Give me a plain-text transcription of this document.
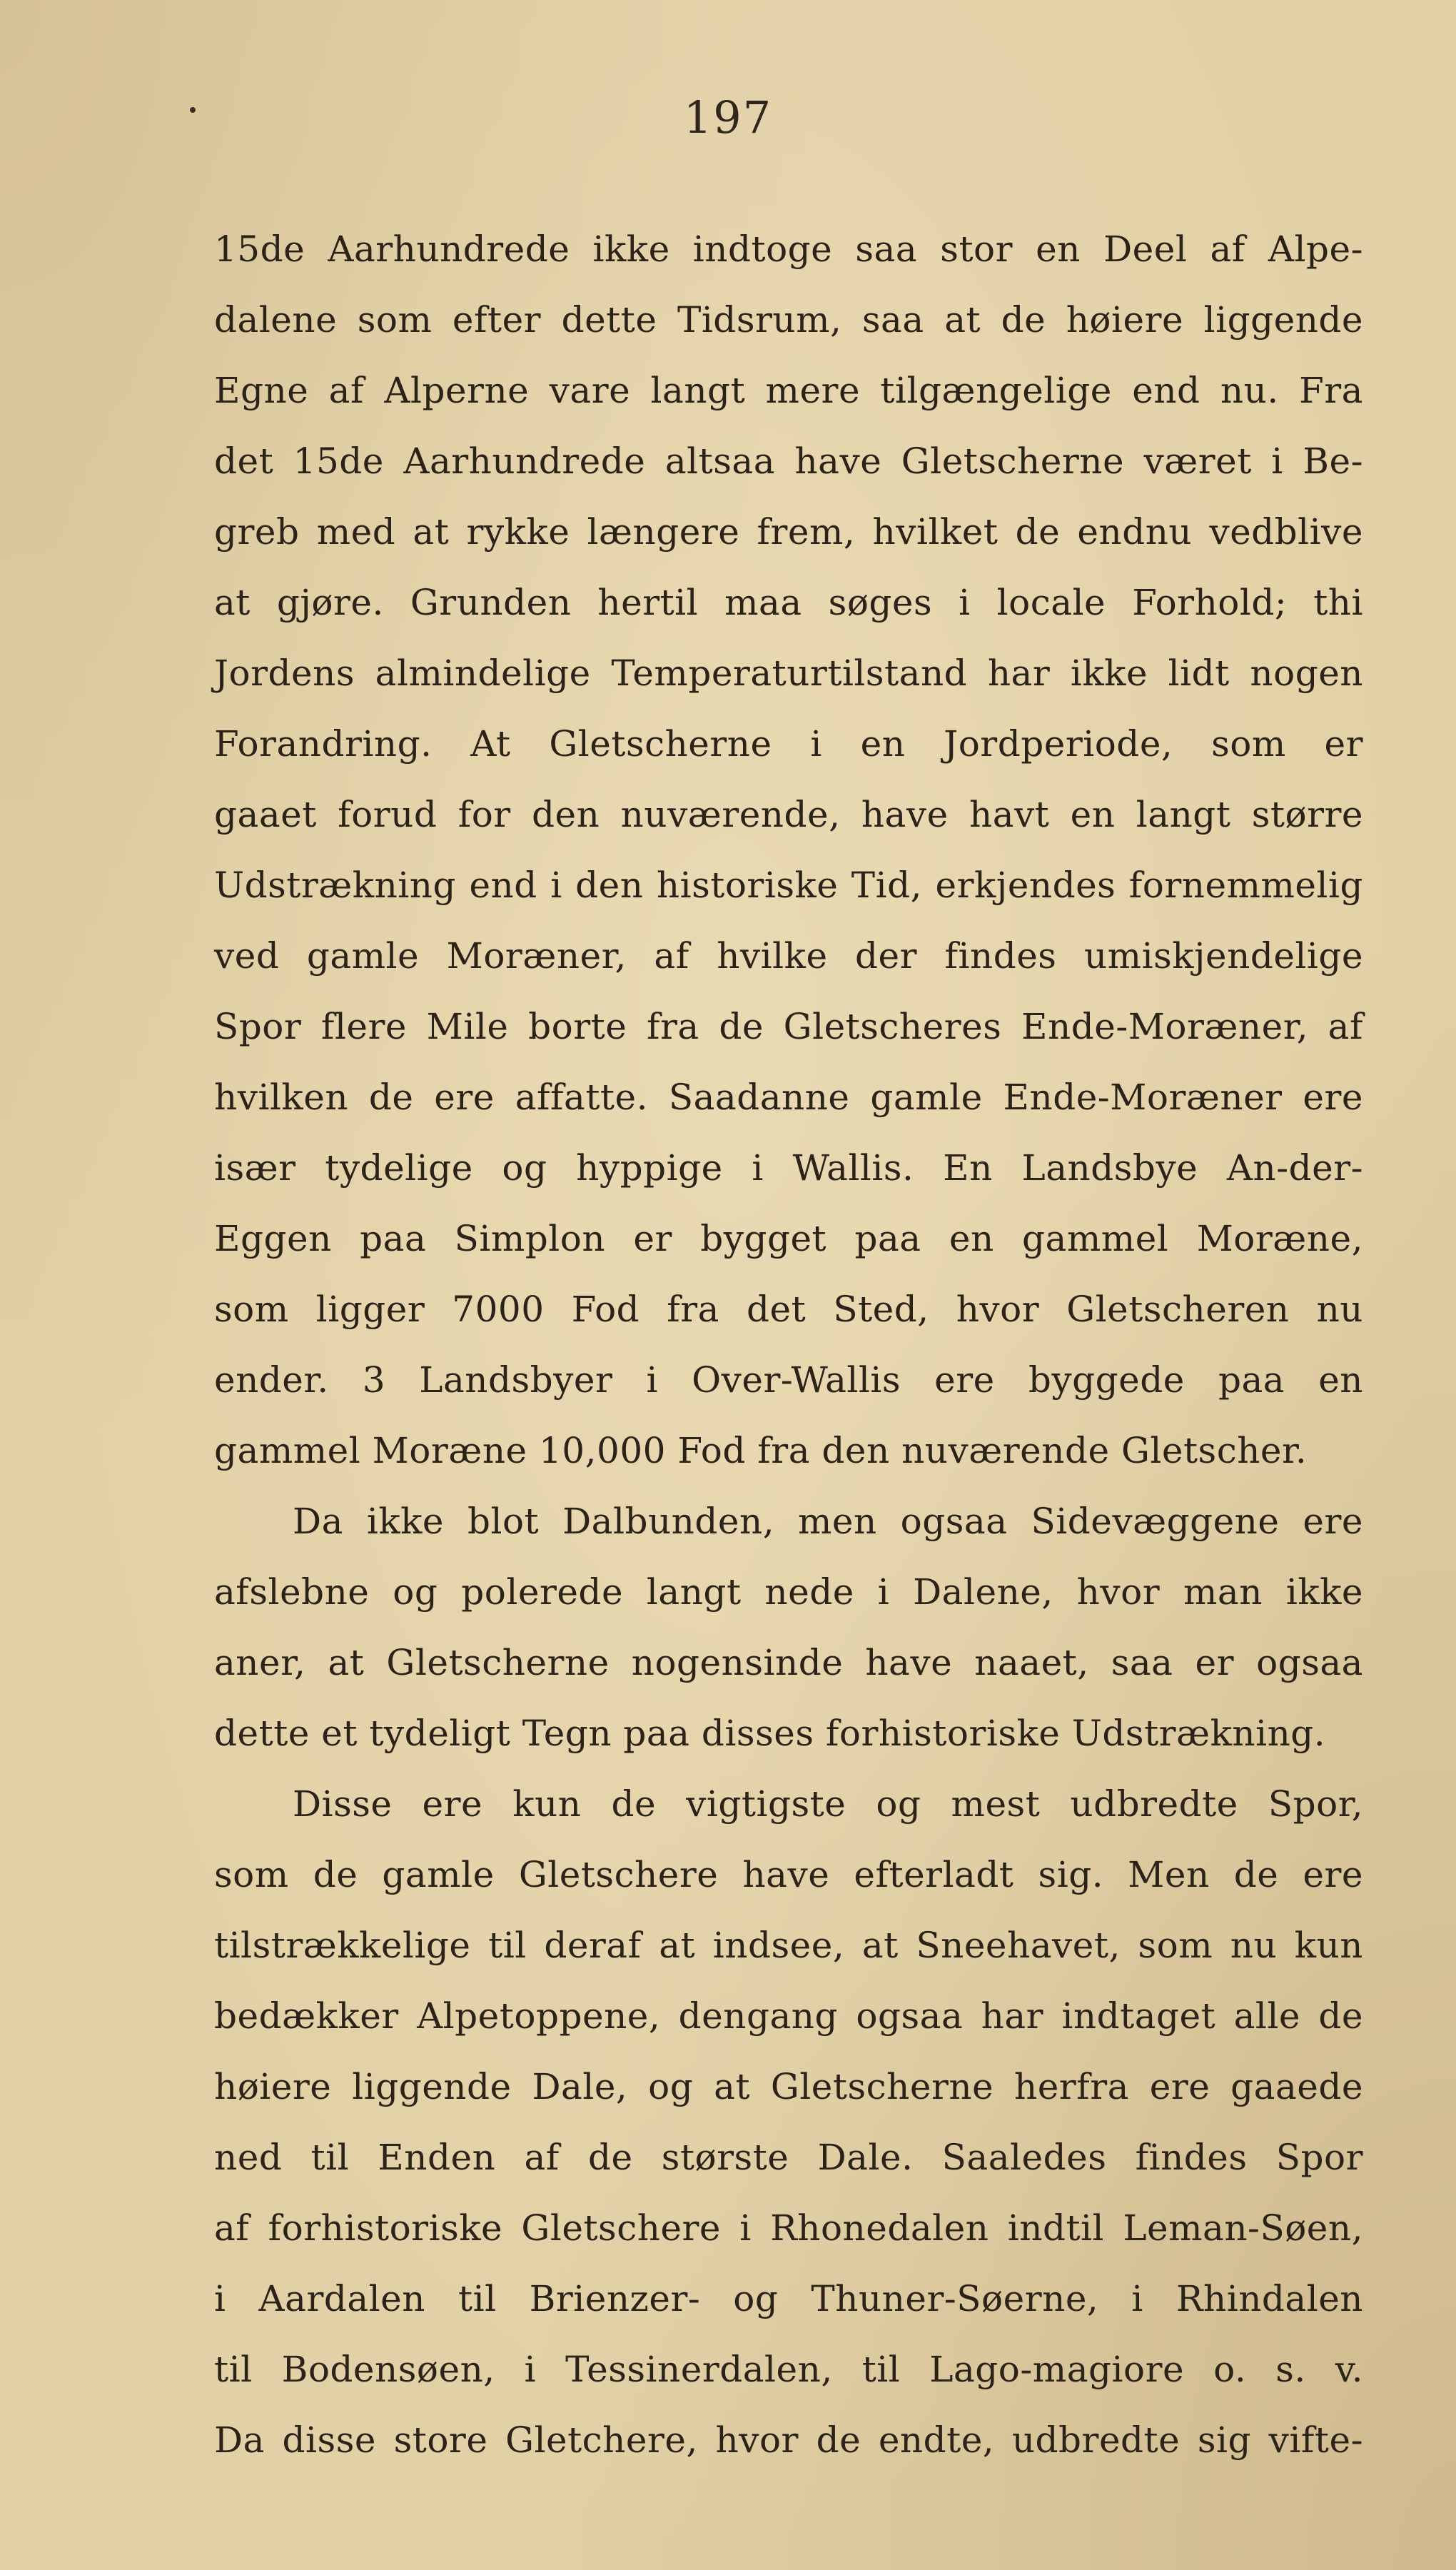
197
15de Aarhundrede ikke indtoge saa stor en Deel af Alpe-
dalene som efter dette Tidsrum, saa at de høiere liggende
Egne af Alperne vare langt mere tilgængelige end nu. Fra
det 15de Aarhundrede altsaa have Gletscherne været i Be-
greb med at rykke længere frem, hvilket de endnu vedblive
at gjøre. Grunden hertil maa søges i locale Forhold; thi
Jordens almindelige Temperaturtilstand har ikke lidt nogen
Forandring. At Gletscherne i en Jordperiode, som er
gaaet forud for den nuværende, have havt en langt større
Udstrækning end i den historiske Tid, erkjendes fornemmelig
ved gamle Moræner, af hvilke der findes umiskjendelige
Spor flere Mile borte fra de Gletscheres Ende-Moræner, af
hvilken de ere affatte. Saadanne gamle Ende-Moræner ere
især tydelige og hyppige i Wallis. En Landsbye An-der-
Eggen paa Simplon er bygget paa en gammel Moræne,
som ligger 7000 Fod fra det Sted, hvor Gletscheren nu
ender. 3 Landsbyer i Over-Wallis ere byggede paa en
gammel Moræne 10,000 Fod fra den nuværende Gletscher.
Da ikke blot Dalbunden, men ogsaa Sidevæggene ere
afslebne og polerede langt nede i Dalene, hvor man ikke
aner, at Gletscherne nogensinde have naaet, saa er ogsaa
dette et tydeligt Tegn paa disses forhistoriske Udstrækning.
Disse ere kun de vigtigste og mest udbredte Spor,
som de gamle Gletschere have efterladt sig. Men de ere
tilstrækkelige til deraf at indsee, at Sneehavet, som nu kun
bedækker Alpetoppene, dengang ogsaa har indtaget alle de
høiere liggende Dale, og at Gletscherne herfra ere gaaede
ned til Enden af de største Dale. Saaledes findes Spor
af forhistoriske Gletschere i Rhonedalen indtil Leman-Søen,
i Aardalen til Brienzer- og Thuner-Søerne, i Rhindalen
til Bodensøen, i Tessinerdalen, til Lago-magiore o. s. v.
Da disse store Gletchere, hvor de endte, udbredte sig vifte-
